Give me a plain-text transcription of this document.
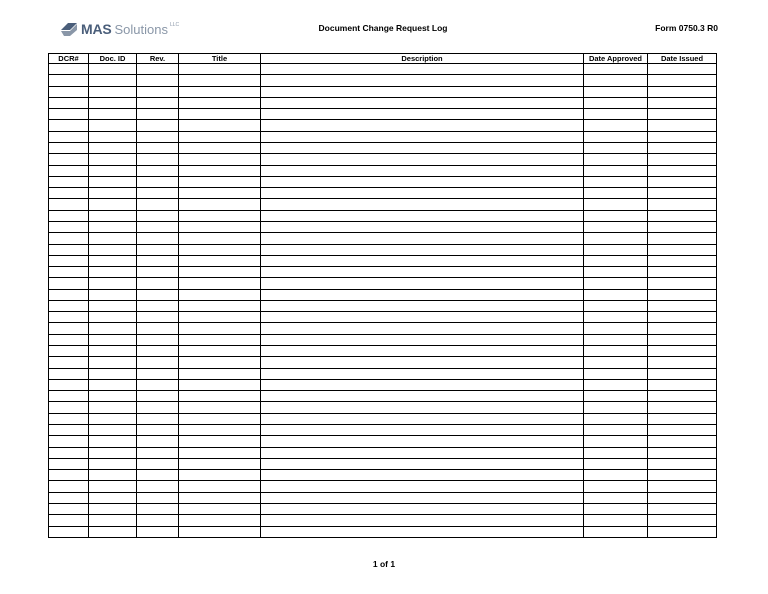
MAS Solutions LLC	Document Change Request Log	Form 0750.3 R0
DCR#	Doc. ID	Rev.	Title	Description	Date Approved	Date Issued

1 of 1
